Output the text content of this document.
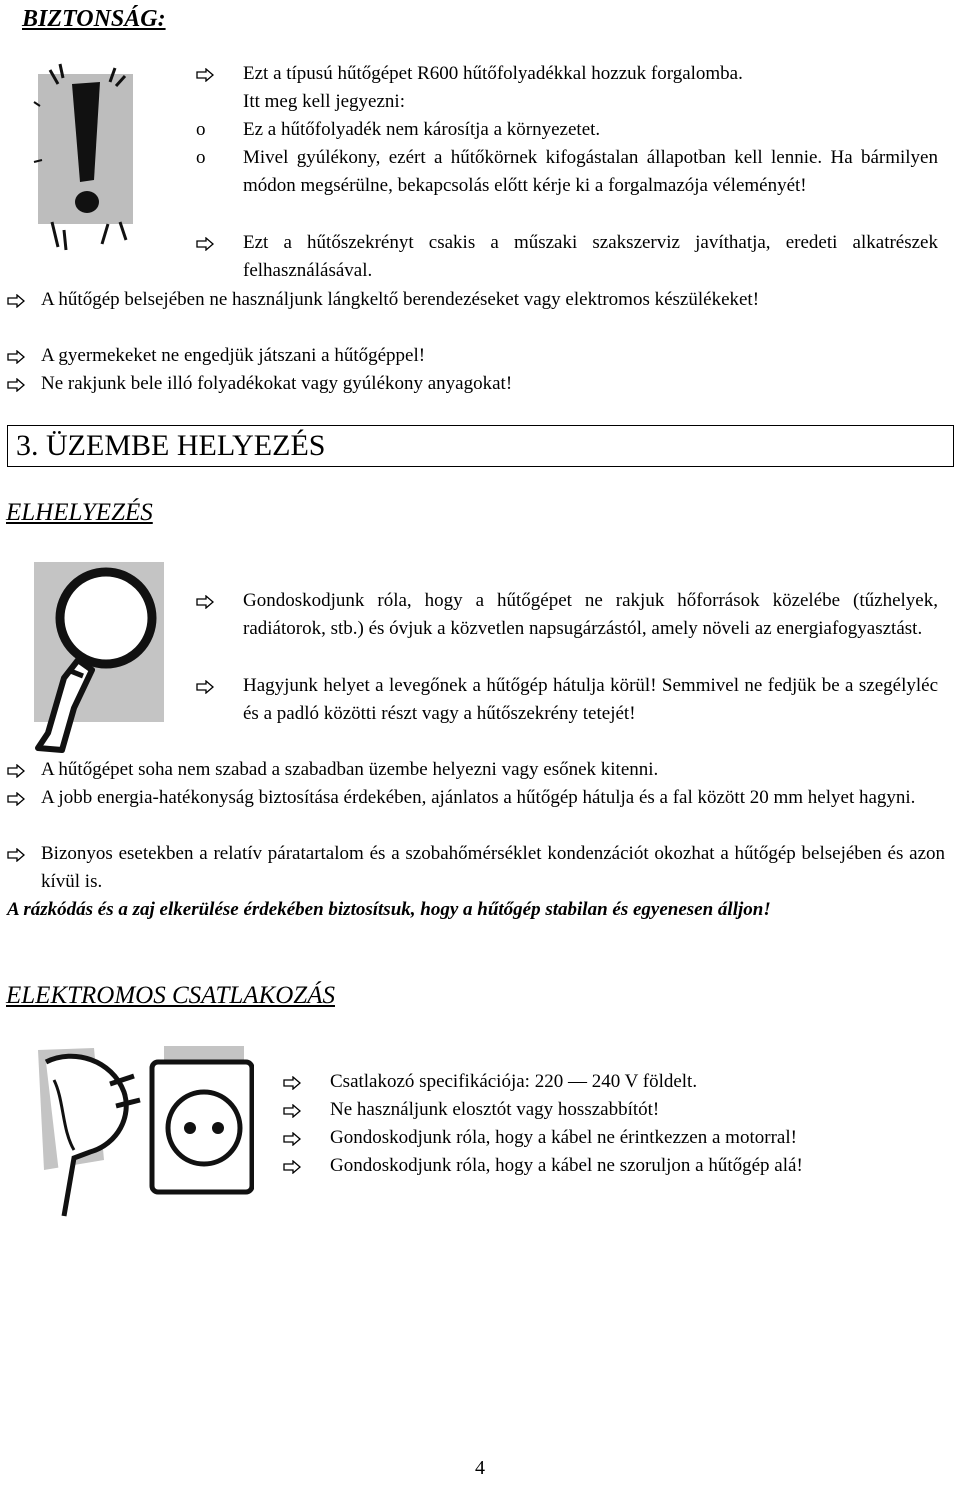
BIZTONSÁG:
Ezt a típusú hűtőgépet R600 hűtőfolyadékkal hozzuk forgalomba.
Itt meg kell jegyezni:
o	Ez a hűtőfolyadék nem károsítja a környezetet.
o	Mivel gyúlékony, ezért a hűtőkörnek kifogástalan állapotban kell lennie. Ha bármilyen módon megsérülne, bekapcsolás előtt kérje ki a forgalmazója véleményét!
Ezt a hűtőszekrényt csakis a műszaki szakszerviz javíthatja, eredeti alkatrészek felhasználásával.
A hűtőgép belsejében ne használjunk lángkeltő berendezéseket vagy elektromos készülékeket!
A gyermekeket ne engedjük játszani a hűtőgéppel!
Ne rakjunk bele illó folyadékokat vagy gyúlékony anyagokat!
3. ÜZEMBE HELYEZÉS
ELHELYEZÉS
Gondoskodjunk róla, hogy a hűtőgépet ne rakjuk hőforrások közelébe (tűzhelyek, radiátorok, stb.) és óvjuk a közvetlen napsugárzástól, amely növeli az energiafogyasztást.
Hagyjunk helyet a levegőnek a hűtőgép hátulja körül! Semmivel ne fedjük be a szegélyléc és a padló közötti részt vagy a hűtőszekrény tetejét!
A hűtőgépet soha nem szabad a szabadban üzembe helyezni vagy esőnek kitenni.
A jobb energia-hatékonyság biztosítása érdekében, ajánlatos a hűtőgép hátulja és a fal között 20 mm helyet hagyni.
Bizonyos esetekben a relatív páratartalom és a szobahőmérséklet kondenzációt okozhat a hűtőgép belsejében és azon kívül is.
A rázkódás és a zaj elkerülése érdekében biztosítsuk, hogy a hűtőgép stabilan és egyenesen álljon!
ELEKTROMOS CSATLAKOZÁS
Csatlakozó specifikációja: 220 — 240 V földelt.
Ne használjunk elosztót vagy hosszabbítót!
Gondoskodjunk róla, hogy a kábel ne érintkezzen a motorral!
Gondoskodjunk róla, hogy a kábel ne szoruljon a hűtőgép alá!
4
